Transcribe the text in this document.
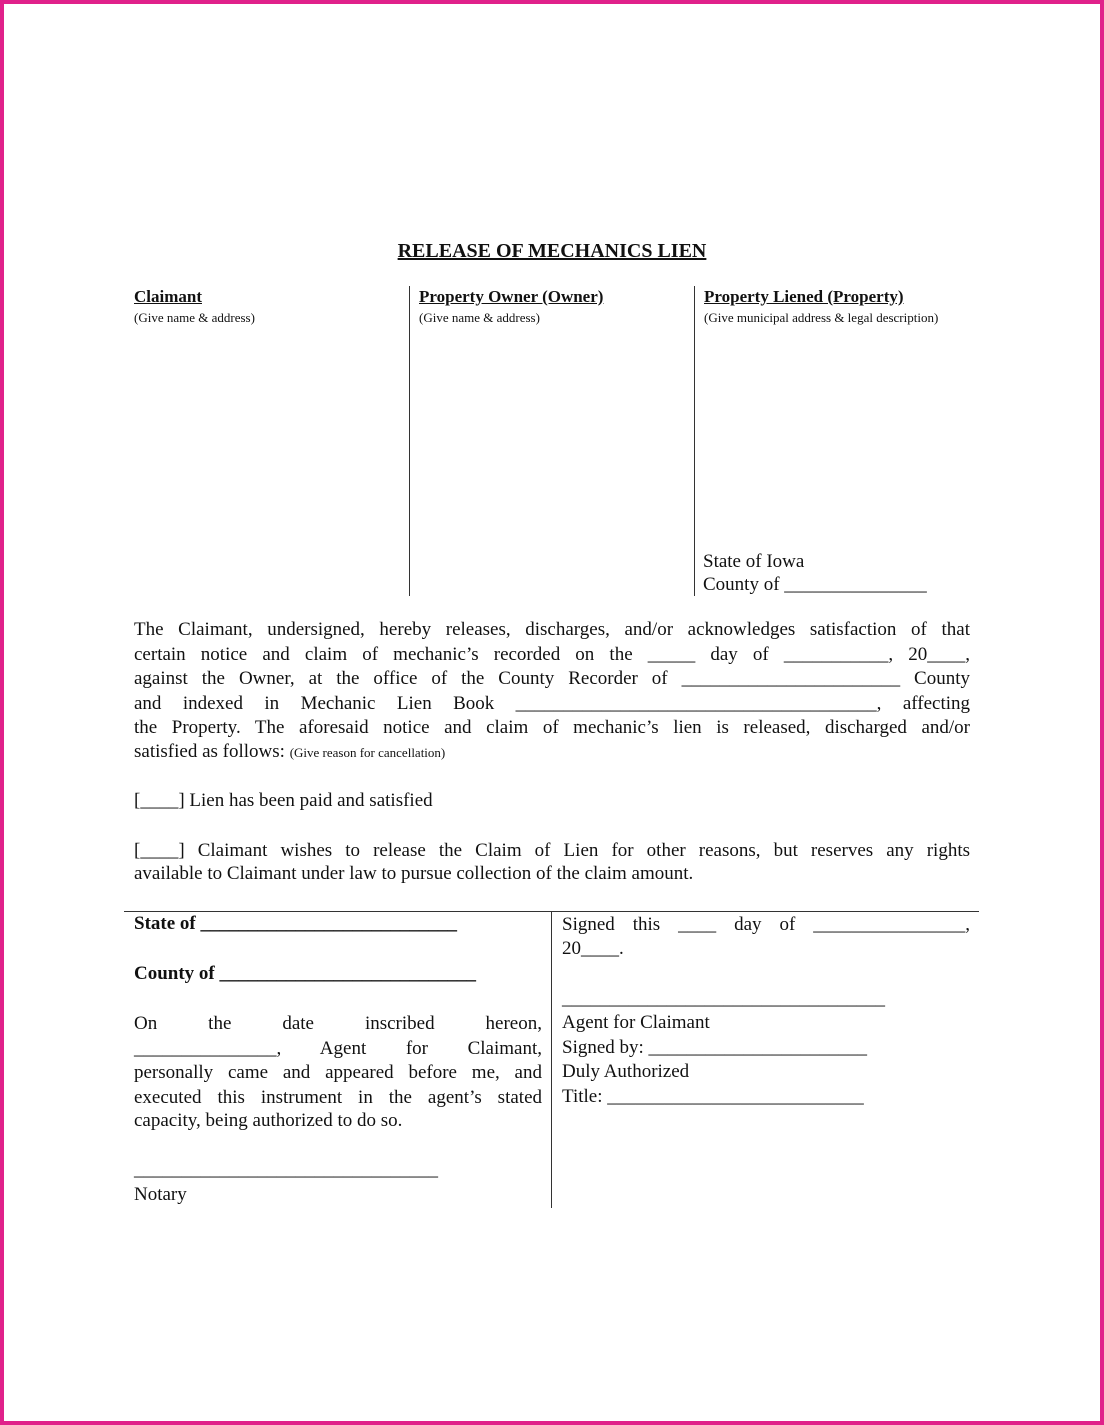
RELEASE OF MECHANICS LIEN
Claimant
(Give name & address)
Property Owner (Owner)
(Give name & address)
Property Liened (Property)
(Give municipal address & legal description)
State of Iowa
County of _______________
The Claimant, undersigned, hereby releases, discharges, and/or acknowledges satisfaction of that
certain notice and claim of mechanic’s recorded on the _____ day of ___________, 20____,
against the Owner, at the office of the County Recorder of _______________________ County
and indexed in Mechanic Lien Book ______________________________________, affecting
the Property. The aforesaid notice and claim of mechanic’s lien is released, discharged and/or
satisfied as follows: (Give reason for cancellation)
[____] Lien has been paid and satisfied
[____] Claimant wishes to release the Claim of Lien for other reasons, but reserves any rights
available to Claimant under law to pursue collection of the claim amount.
State of ___________________________
County of ___________________________
On the date inscribed hereon,
_______________, Agent for Claimant,
personally came and appeared before me, and
executed this instrument in the agent’s stated
capacity, being authorized to do so.
________________________________
Notary
Signed this ____ day of ________________,
20____.
__________________________________
Agent for Claimant
Signed by: _______________________
Duly Authorized
Title: ___________________________
